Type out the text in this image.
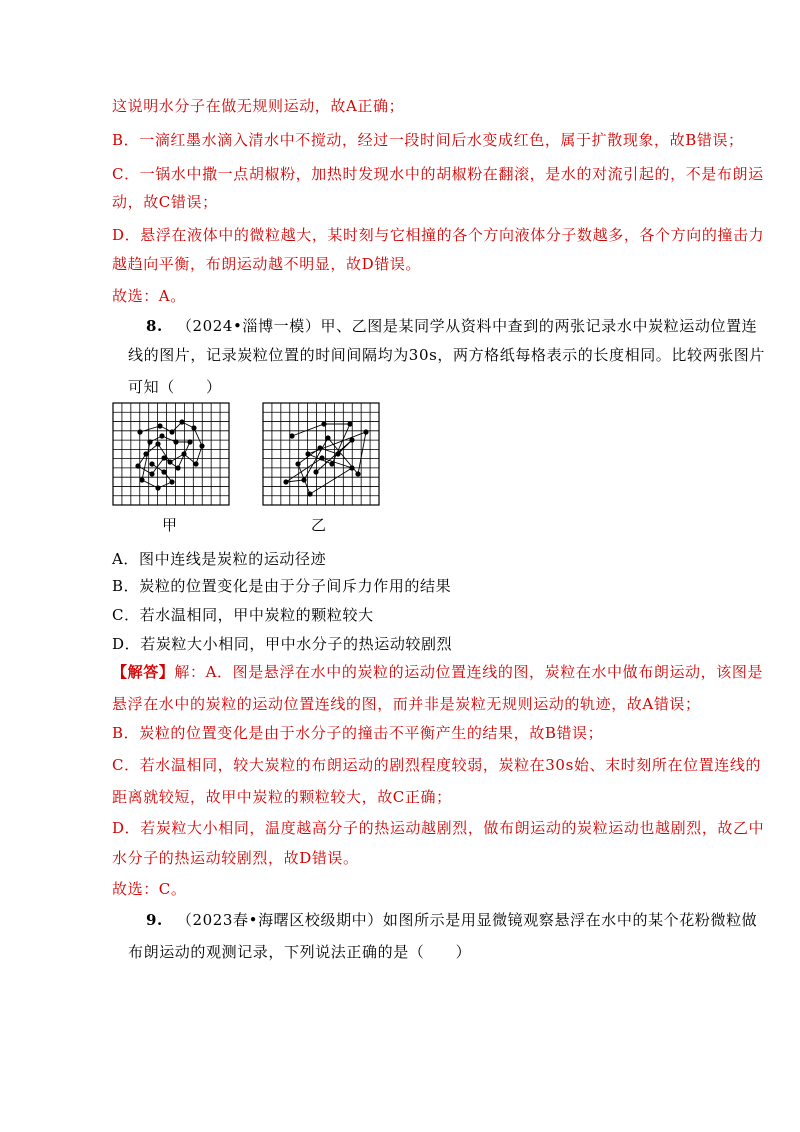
这说明水分子在做无规则运动，故A正确；
B．一滴红墨水滴入清水中不搅动，经过一段时间后水变成红色，属于扩散现象，故B错误；
C．一锅水中撒一点胡椒粉，加热时发现水中的胡椒粉在翻滚，是水的对流引起的，不是布朗运
动，故C错误；
D．悬浮在液体中的微粒越大，某时刻与它相撞的各个方向液体分子数越多，各个方向的撞击力
越趋向平衡，布朗运动越不明显，故D错误。
故选：A。
8. （2024•淄博一模）甲、乙图是某同学从资料中查到的两张记录水中炭粒运动位置连
线的图片，记录炭粒位置的时间间隔均为30s，两方格纸每格表示的长度相同。比较两张图片
可知（　　）
甲	乙
A．图中连线是炭粒的运动径迹
B．炭粒的位置变化是由于分子间斥力作用的结果
C．若水温相同，甲中炭粒的颗粒较大
D．若炭粒大小相同，甲中水分子的热运动较剧烈
【解答】解：A．图是悬浮在水中的炭粒的运动位置连线的图，炭粒在水中做布朗运动，该图是
悬浮在水中的炭粒的运动位置连线的图，而并非是炭粒无规则运动的轨迹，故A错误；
B．炭粒的位置变化是由于水分子的撞击不平衡产生的结果，故B错误；
C．若水温相同，较大炭粒的布朗运动的剧烈程度较弱，炭粒在30s始、末时刻所在位置连线的
距离就较短，故甲中炭粒的颗粒较大，故C正确；
D．若炭粒大小相同，温度越高分子的热运动越剧烈，做布朗运动的炭粒运动也越剧烈，故乙中
水分子的热运动较剧烈，故D错误。
故选：C。
9. （2023春•海曙区校级期中）如图所示是用显微镜观察悬浮在水中的某个花粉微粒做
布朗运动的观测记录，下列说法正确的是（　　）
